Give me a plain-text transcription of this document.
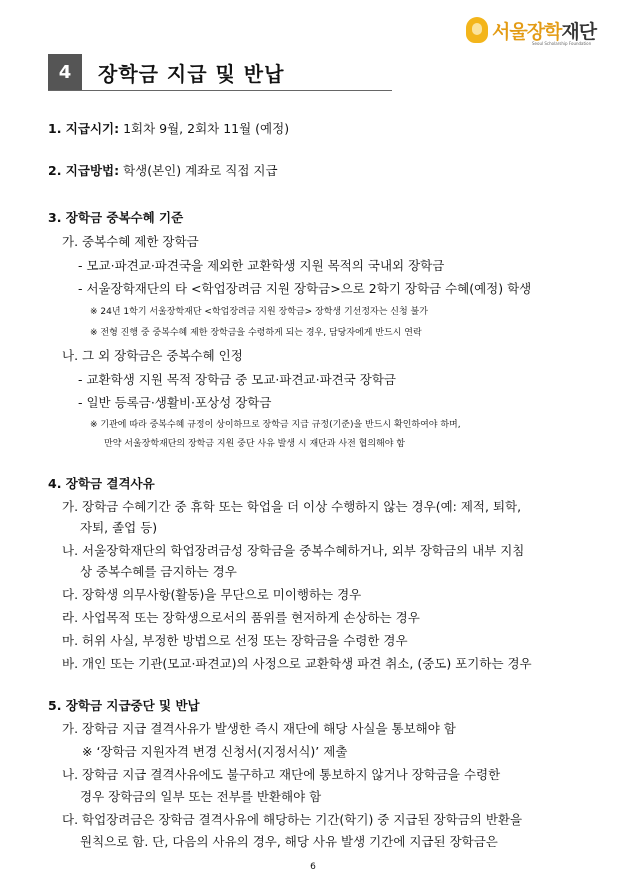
서울장학재단
Seoul Scholarship Foundation
4	장학금 지급 및 반납
1. 지급시기: 1회차 9월, 2회차 11월 (예정)
2. 지급방법: 학생(본인) 계좌로 직접 지급
3. 장학금 중복수혜 기준
가. 중복수혜 제한 장학금
- 모교·파견교·파견국을 제외한 교환학생 지원 목적의 국내외 장학금
- 서울장학재단의 타 <학업장려금 지원 장학금>으로 2학기 장학금 수혜(예정) 학생
※ 24년 1학기 서울장학재단 <학업장려금 지원 장학금> 장학생 기선정자는 신청 불가
※ 전형 진행 중 중복수혜 제한 장학금을 수령하게 되는 경우, 담당자에게 반드시 연락
나. 그 외 장학금은 중복수혜 인정
- 교환학생 지원 목적 장학금 중 모교·파견교·파견국 장학금
- 일반 등록금·생활비·포상성 장학금
※ 기관에 따라 중복수혜 규정이 상이하므로 장학금 지급 규정(기준)을 반드시 확인하여야 하며,
만약 서울장학재단의 장학금 지원 중단 사유 발생 시 재단과 사전 협의해야 함
4. 장학금 결격사유
가. 장학금 수혜기간 중 휴학 또는 학업을 더 이상 수행하지 않는 경우(예: 제적, 퇴학,
자퇴, 졸업 등)
나. 서울장학재단의 학업장려금성 장학금을 중복수혜하거나, 외부 장학금의 내부 지침
상 중복수혜를 금지하는 경우
다. 장학생 의무사항(활동)을 무단으로 미이행하는 경우
라. 사업목적 또는 장학생으로서의 품위를 현저하게 손상하는 경우
마. 허위 사실, 부정한 방법으로 선정 또는 장학금을 수령한 경우
바. 개인 또는 기관(모교·파견교)의 사정으로 교환학생 파견 취소, (중도) 포기하는 경우
5. 장학금 지급중단 및 반납
가. 장학금 지급 결격사유가 발생한 즉시 재단에 해당 사실을 통보해야 함
※ ‘장학금 지원자격 변경 신청서(지정서식)’ 제출
나. 장학금 지급 결격사유에도 불구하고 재단에 통보하지 않거나 장학금을 수령한
경우 장학금의 일부 또는 전부를 반환해야 함
다. 학업장려금은 장학금 결격사유에 해당하는 기간(학기) 중 지급된 장학금의 반환을
원칙으로 함. 단, 다음의 사유의 경우, 해당 사유 발생 기간에 지급된 장학금은
6
